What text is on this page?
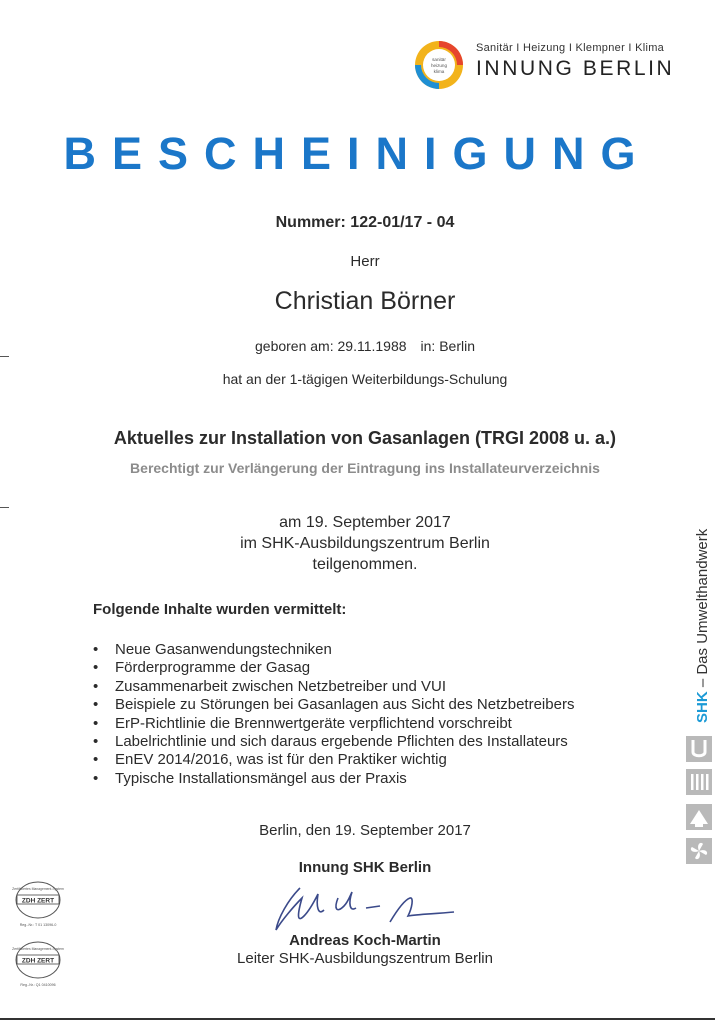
sanitär
heizung
klima
Sanitär I Heizung I Klempner I Klima
INNUNG BERLIN
BESCHEINIGUNG
Nummer: 122-01/17 - 04
Herr
Christian Börner
geboren am: 29.11.1988 in: Berlin
hat an der 1-tägigen Weiterbildungs-Schulung
Aktuelles zur Installation von Gasanlagen (TRGI 2008 u. a.)
Berechtigt zur Verlängerung der Eintragung ins Installateurverzeichnis
am 19. September 2017
im SHK-Ausbildungszentrum Berlin
teilgenommen.
Folgende Inhalte wurden vermittelt:
• Neue Gasanwendungstechniken
• Förderprogramme der Gasag
• Zusammenarbeit zwischen Netzbetreiber und VUI
• Beispiele zu Störungen bei Gasanlagen aus Sicht des Netzbetreibers
• ErP-Richtlinie die Brennwertgeräte verpflichtend vorschreibt
• Labelrichtlinie und sich daraus ergebende Pflichten des Installateurs
• EnEV 2014/2016, was ist für den Praktiker wichtig
• Typische Installationsmängel aus der Praxis
Berlin, den 19. September 2017
Innung SHK Berlin
Andreas Koch-Martin
Leiter SHK-Ausbildungszentrum Berlin
Zertifiziertes Management-System
ZDH ZERT
Reg.-Nr.: T 01 13096-0
Zertifiziertes Management-System
ZDH ZERT
Reg.-Nr.: Q1 0410096
SHK – Das Umwelthandwerk
